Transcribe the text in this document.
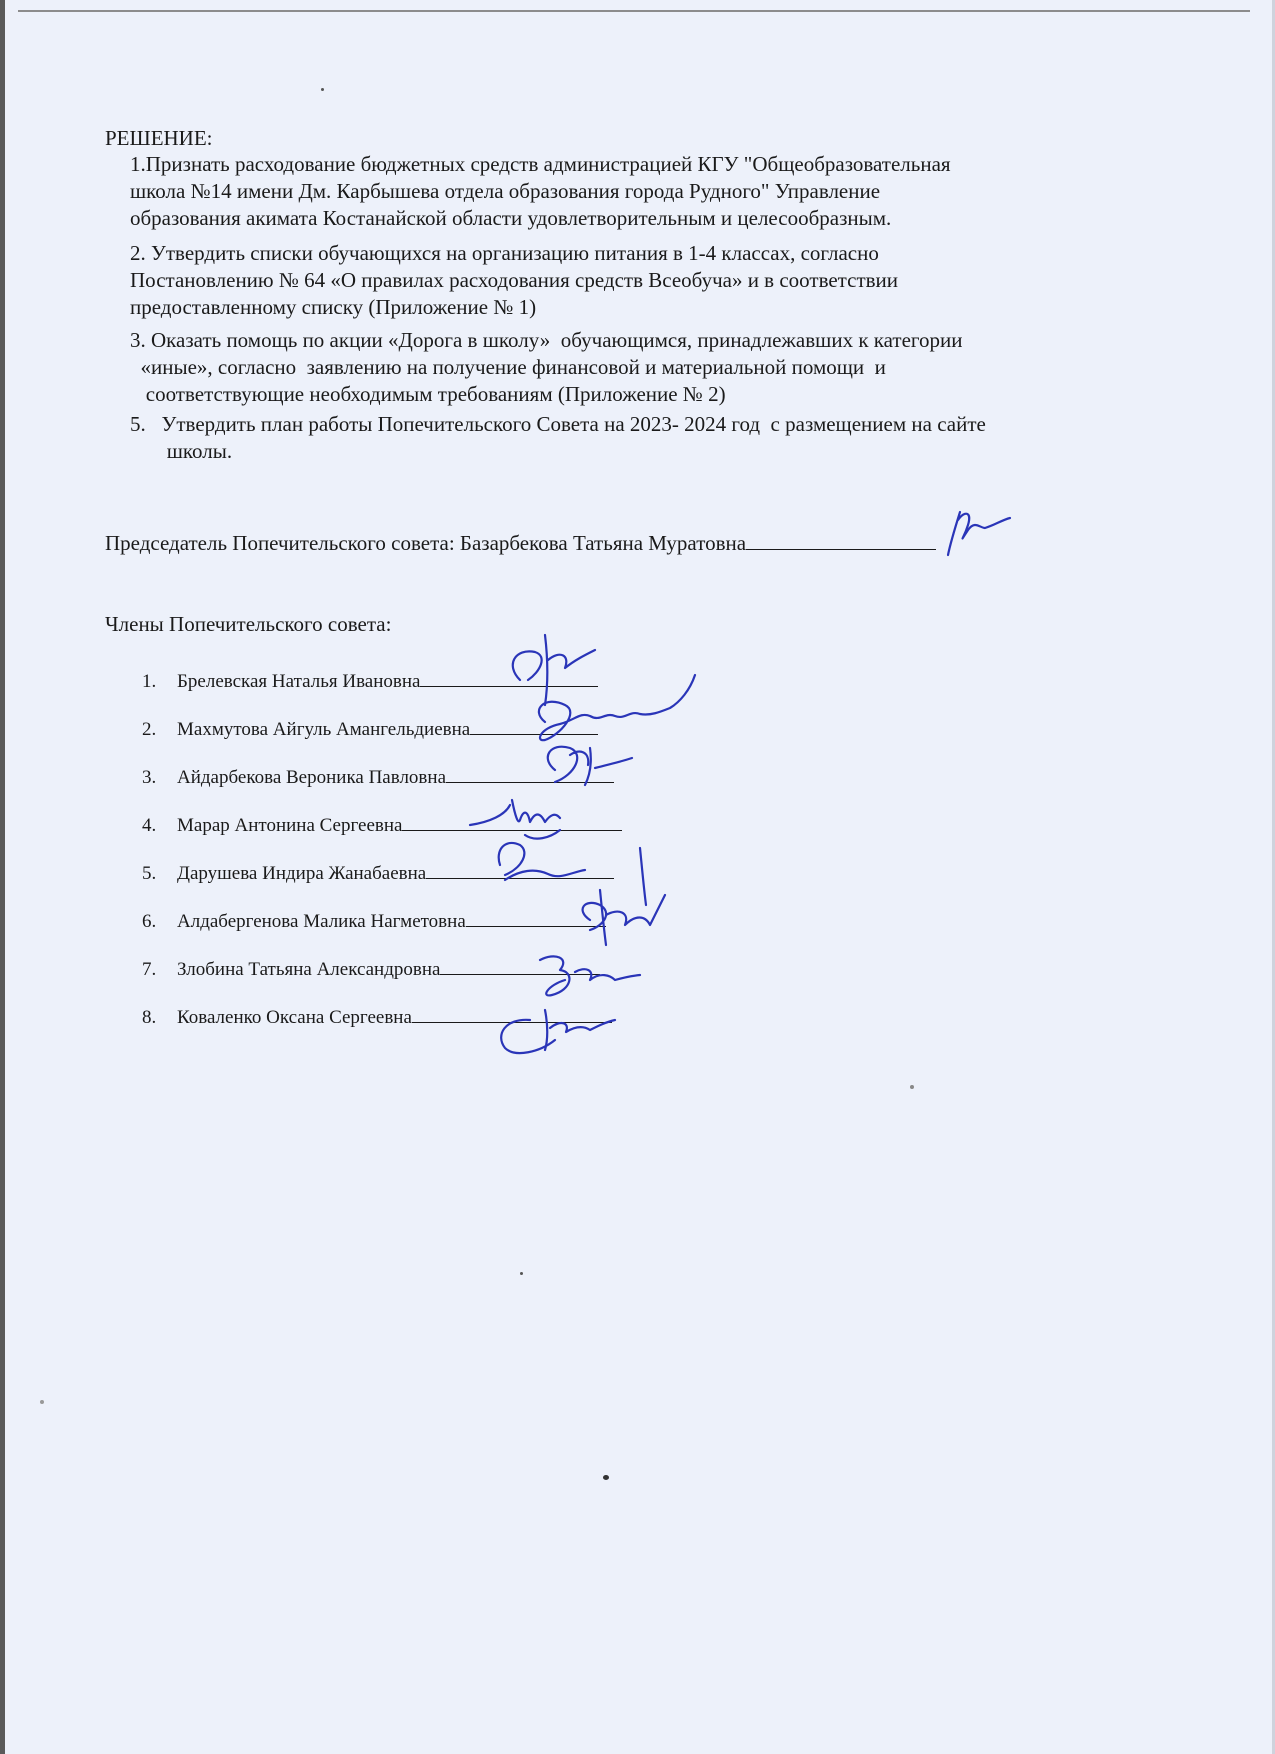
РЕШЕНИЕ:
1.Признать расходование бюджетных средств администрацией КГУ "Общеобразовательная
школа №14 имени Дм. Карбышева отдела образования города Рудного" Управление
образования акимата Костанайской области удовлетворительным и целесообразным.
2. Утвердить списки обучающихся на организацию питания в 1-4 классах, согласно
Постановлению № 64 «О правилах расходования средств Всеобуча» и в соответствии
предоставленному списку (Приложение № 1)
3. Оказать помощь по акции «Дорога в школу»  обучающимся, принадлежавших к категории
«иные», согласно  заявлению на получение финансовой и материальной помощи  и
соответствующие необходимым требованиям (Приложение № 2)
5.   Утвердить план работы Попечительского Совета на 2023- 2024 год  с размещением на сайте
школы.
Председатель Попечительского совета: Базарбекова Татьяна Муратовна
Члены Попечительского совета:
1. Брелевская Наталья Ивановна
2. Махмутова Айгуль Амангельдиевна
3. Айдарбекова Вероника Павловна
4. Марар Антонина Сергеевна
5. Дарушева Индира Жанабаевна
6. Алдабергенова Малика Нагметовна
7. Злобина Татьяна Александровна
8. Коваленко Оксана Сергеевна
